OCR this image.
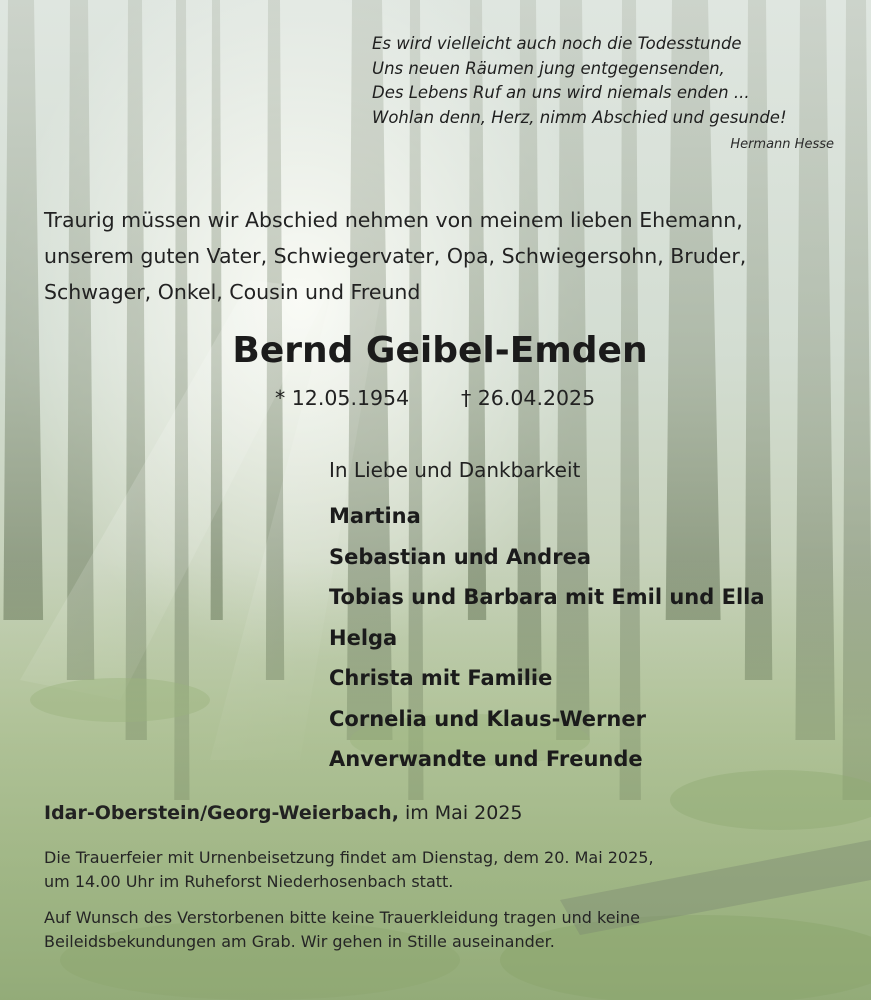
Es wird vielleicht auch noch die Todesstunde
Uns neuen Räumen jung entgegensenden,
Des Lebens Ruf an uns wird niemals enden ...
Wohlan denn, Herz, nimm Abschied und gesunde!
Hermann Hesse
Traurig müssen wir Abschied nehmen von meinem lieben Ehemann,
unserem guten Vater, Schwiegervater, Opa, Schwiegersohn, Bruder,
Schwager, Onkel, Cousin und Freund
Bernd Geibel-Emden
* 12.05.1954	† 26.04.2025
In Liebe und Dankbarkeit
Martina
Sebastian und Andrea
Tobias und Barbara mit Emil und Ella
Helga
Christa mit Familie
Cornelia und Klaus-Werner
Anverwandte und Freunde
Idar-Oberstein/Georg-Weierbach, im Mai 2025
Die Trauerfeier mit Urnenbeisetzung findet am Dienstag, dem 20. Mai 2025,
um 14.00 Uhr im Ruheforst Niederhosenbach statt.
Auf Wunsch des Verstorbenen bitte keine Trauerkleidung tragen und keine
Beileidsbekundungen am Grab. Wir gehen in Stille auseinander.
